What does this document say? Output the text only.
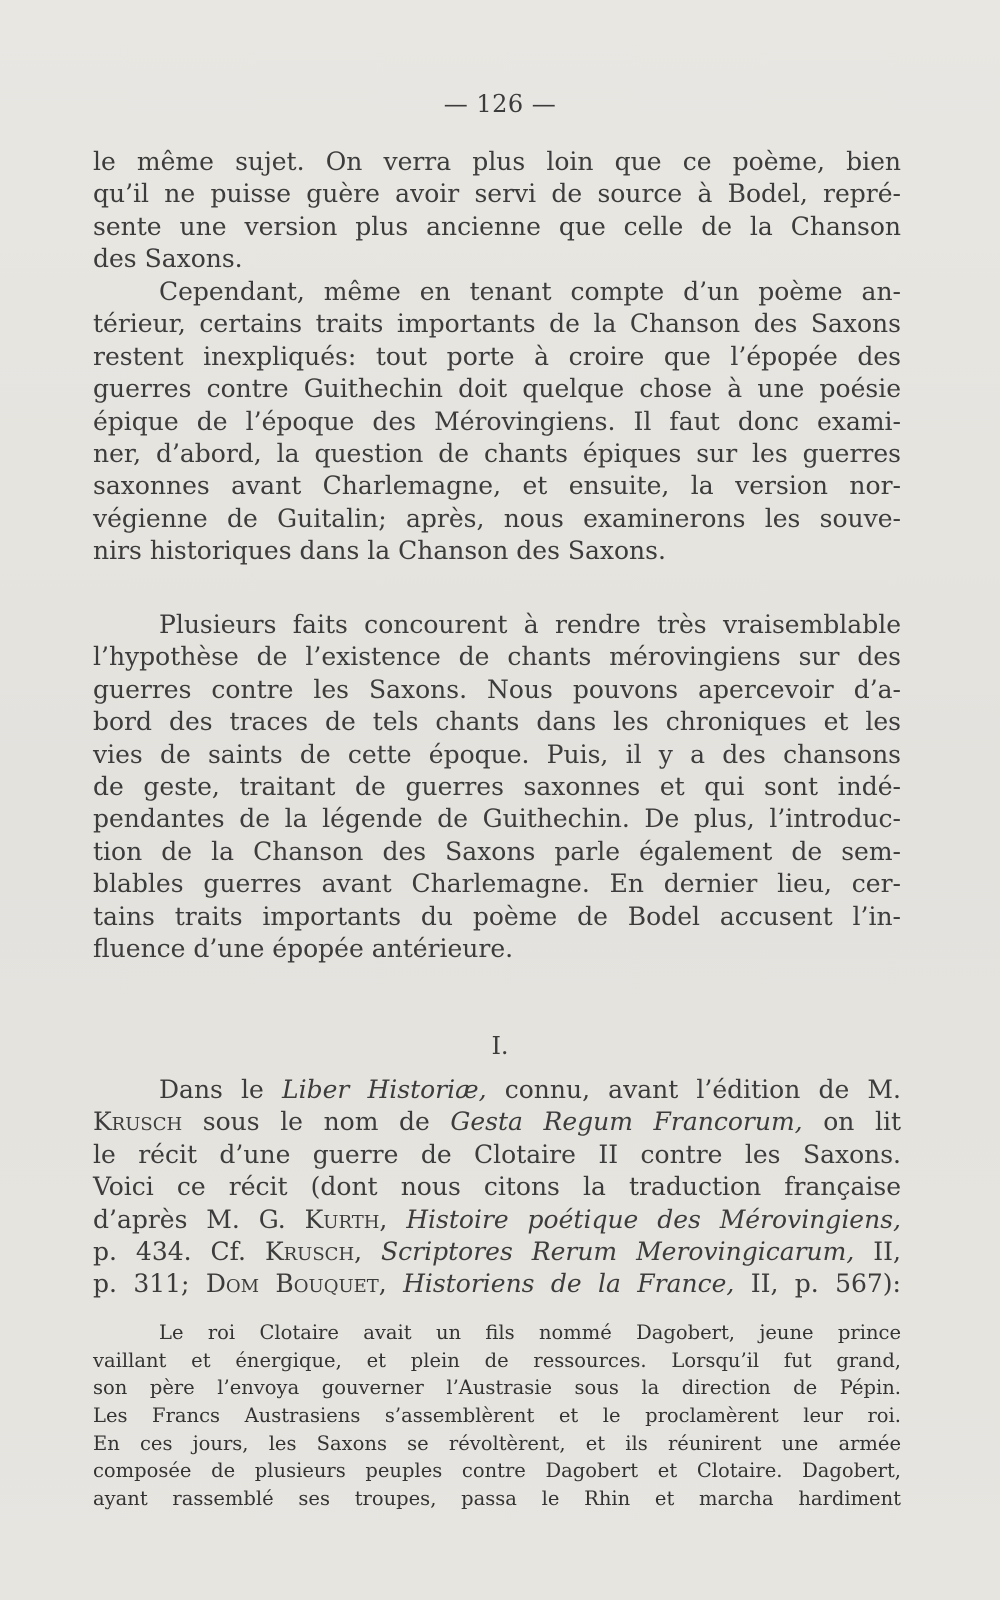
— 126 —
le même sujet. On verra plus loin que ce poème, bien
qu’il ne puisse guère avoir servi de source à Bodel, repré-
sente une version plus ancienne que celle de la Chanson
des Saxons.
Cependant, même en tenant compte d’un poème an-
térieur, certains traits importants de la Chanson des Saxons
restent inexpliqués: tout porte à croire que l’épopée des
guerres contre Guithechin doit quelque chose à une poésie
épique de l’époque des Mérovingiens. Il faut donc exami-
ner, d’abord, la question de chants épiques sur les guerres
saxonnes avant Charlemagne, et ensuite, la version nor-
végienne de Guitalin; après, nous examinerons les souve-
nirs historiques dans la Chanson des Saxons.
Plusieurs faits concourent à rendre très vraisemblable
l’hypothèse de l’existence de chants mérovingiens sur des
guerres contre les Saxons. Nous pouvons apercevoir d’a-
bord des traces de tels chants dans les chroniques et les
vies de saints de cette époque. Puis, il y a des chansons
de geste, traitant de guerres saxonnes et qui sont indé-
pendantes de la légende de Guithechin. De plus, l’introduc-
tion de la Chanson des Saxons parle également de sem-
blables guerres avant Charlemagne. En dernier lieu, cer-
tains traits importants du poème de Bodel accusent l’in-
fluence d’une épopée antérieure.
I.
Dans le Liber Historiæ, connu, avant l’édition de M.
Krusch sous le nom de Gesta Regum Francorum, on lit
le récit d’une guerre de Clotaire II contre les Saxons.
Voici ce récit (dont nous citons la traduction française
d’après M. G. Kurth, Histoire poétique des Mérovingiens,
p. 434. Cf. Krusch, Scriptores Rerum Merovingicarum, II,
p. 311; Dom Bouquet, Historiens de la France, II, p. 567):
Le roi Clotaire avait un fils nommé Dagobert, jeune prince
vaillant et énergique, et plein de ressources. Lorsqu’il fut grand,
son père l’envoya gouverner l’Austrasie sous la direction de Pépin.
Les Francs Austrasiens s’assemblèrent et le proclamèrent leur roi.
En ces jours, les Saxons se révoltèrent, et ils réunirent une armée
composée de plusieurs peuples contre Dagobert et Clotaire. Dagobert,
ayant rassemblé ses troupes, passa le Rhin et marcha hardiment
